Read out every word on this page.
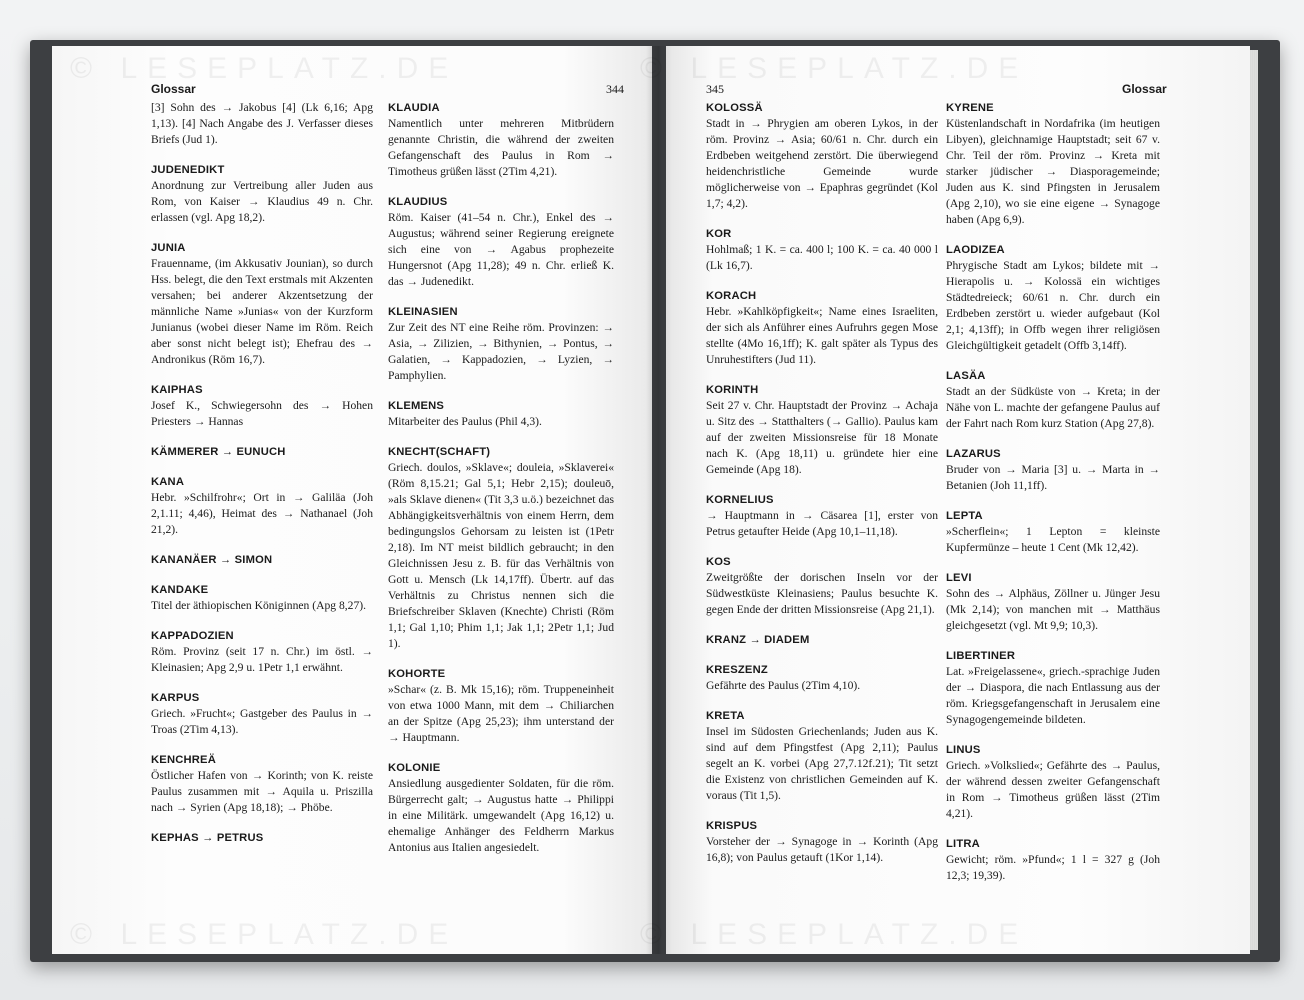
Glossar	344
[3] Sohn des → Jakobus [4] (Lk 6,16; Apg 1,13). [4] Nach Angabe des J. Verfasser dieses Briefs (Jud 1).
JUDENEDIKT
Anordnung zur Vertreibung aller Juden aus Rom, von Kaiser → Klaudius 49 n. Chr. erlassen (vgl. Apg 18,2).
JUNIA
Frauenname, (im Akkusativ Jounian), so durch Hss. belegt, die den Text erstmals mit Akzenten versahen; bei anderer Akzentsetzung der männliche Name »Junias« von der Kurzform Junianus (wobei dieser Name im Röm. Reich aber sonst nicht belegt ist); Ehefrau des → Andronikus (Röm 16,7).
KAIPHAS
Josef K., Schwiegersohn des → Hohen Priesters → Hannas
KÄMMERER → EUNUCH
KANA
Hebr. »Schilfrohr«; Ort in → Galiläa (Joh 2,1.11; 4,46), Heimat des → Nathanael (Joh 21,2).
KANANÄER → SIMON
KANDAKE
Titel der äthiopischen Königinnen (Apg 8,27).
KAPPADOZIEN
Röm. Provinz (seit 17 n. Chr.) im östl. → Kleinasien; Apg 2,9 u. 1Petr 1,1 erwähnt.
KARPUS
Griech. »Frucht«; Gastgeber des Paulus in → Troas (2Tim 4,13).
KENCHREÄ
Östlicher Hafen von → Korinth; von K. reiste Paulus zusammen mit → Aquila u. Priszilla nach → Syrien (Apg 18,18); → Phöbe.
KEPHAS → PETRUS
KLAUDIA
Namentlich unter mehreren Mitbrüdern genannte Christin, die während der zweiten Gefangenschaft des Paulus in Rom → Timotheus grüßen lässt (2Tim 4,21).
KLAUDIUS
Röm. Kaiser (41–54 n. Chr.), Enkel des → Augustus; während seiner Regierung ereignete sich eine von → Agabus prophezeite Hungersnot (Apg 11,28); 49 n. Chr. erließ K. das → Judenedikt.
KLEINASIEN
Zur Zeit des NT eine Reihe röm. Provinzen: → Asia, → Zilizien, → Bithynien, → Pontus, → Galatien, → Kappadozien, → Lyzien, → Pamphylien.
KLEMENS
Mitarbeiter des Paulus (Phil 4,3).
KNECHT(SCHAFT)
Griech. doulos, »Sklave«; douleia, »Sklaverei« (Röm 8,15.21; Gal 5,1; Hebr 2,15); douleuō, »als Sklave dienen« (Tit 3,3 u.ö.) bezeichnet das Abhängigkeitsverhältnis von einem Herrn, dem bedingungslos Gehorsam zu leisten ist (1Petr 2,18). Im NT meist bildlich gebraucht; in den Gleichnissen Jesu z. B. für das Verhältnis von Gott u. Mensch (Lk 14,17ff). Übertr. auf das Verhältnis zu Christus nennen sich die Briefschreiber Sklaven (Knechte) Christi (Röm 1,1; Gal 1,10; Phim 1,1; Jak 1,1; 2Petr 1,1; Jud 1).
KOHORTE
»Schar« (z. B. Mk 15,16); röm. Truppeneinheit von etwa 1000 Mann, mit dem → Chiliarchen an der Spitze (Apg 25,23); ihm unterstand der → Hauptmann.
KOLONIE
Ansiedlung ausgedienter Soldaten, für die röm. Bürgerrecht galt; → Augustus hatte → Philippi in eine Militärk. umgewandelt (Apg 16,12) u. ehemalige Anhänger des Feldherrn Markus Antonius aus Italien angesiedelt.
345	Glossar
KOLOSSÄ
Stadt in → Phrygien am oberen Lykos, in der röm. Provinz → Asia; 60/61 n. Chr. durch ein Erdbeben weitgehend zerstört. Die überwiegend heidenchristliche Gemeinde wurde möglicherweise von → Epaphras gegründet (Kol 1,7; 4,2).
KOR
Hohlmaß; 1 K. = ca. 400 l; 100 K. = ca. 40 000 l (Lk 16,7).
KORACH
Hebr. »Kahlköpfigkeit«; Name eines Israeliten, der sich als Anführer eines Aufruhrs gegen Mose stellte (4Mo 16,1ff); K. galt später als Typus des Unruhestifters (Jud 11).
KORINTH
Seit 27 v. Chr. Hauptstadt der Provinz → Achaja u. Sitz des → Statthalters (→ Gallio). Paulus kam auf der zweiten Missionsreise für 18 Monate nach K. (Apg 18,11) u. gründete hier eine Gemeinde (Apg 18).
KORNELIUS
→ Hauptmann in → Cäsarea [1], erster von Petrus getaufter Heide (Apg 10,1–11,18).
KOS
Zweitgrößte der dorischen Inseln vor der Südwestküste Kleinasiens; Paulus besuchte K. gegen Ende der dritten Missionsreise (Apg 21,1).
KRANZ → DIADEM
KRESZENZ
Gefährte des Paulus (2Tim 4,10).
KRETA
Insel im Südosten Griechenlands; Juden aus K. sind auf dem Pfingstfest (Apg 2,11); Paulus segelt an K. vorbei (Apg 27,7.12f.21); Tit setzt die Existenz von christlichen Gemeinden auf K. voraus (Tit 1,5).
KRISPUS
Vorsteher der → Synagoge in → Korinth (Apg 16,8); von Paulus getauft (1Kor 1,14).
KYRENE
Küstenlandschaft in Nordafrika (im heutigen Libyen), gleichnamige Hauptstadt; seit 67 v. Chr. Teil der röm. Provinz → Kreta mit starker jüdischer → Diasporagemeinde; Juden aus K. sind Pfingsten in Jerusalem (Apg 2,10), wo sie eine eigene → Synagoge haben (Apg 6,9).
LAODIZEA
Phrygische Stadt am Lykos; bildete mit → Hierapolis u. → Kolossä ein wichtiges Städtedreieck; 60/61 n. Chr. durch ein Erdbeben zerstört u. wieder aufgebaut (Kol 2,1; 4,13ff); in Offb wegen ihrer religiösen Gleichgültigkeit getadelt (Offb 3,14ff).
LASÄA
Stadt an der Südküste von → Kreta; in der Nähe von L. machte der gefangene Paulus auf der Fahrt nach Rom kurz Station (Apg 27,8).
LAZARUS
Bruder von → Maria [3] u. → Marta in → Betanien (Joh 11,1ff).
LEPTA
»Scherflein«; 1 Lepton = kleinste Kupfermünze – heute 1 Cent (Mk 12,42).
LEVI
Sohn des → Alphäus, Zöllner u. Jünger Jesu (Mk 2,14); von manchen mit → Matthäus gleichgesetzt (vgl. Mt 9,9; 10,3).
LIBERTINER
Lat. »Freigelassene«, griech.-sprachige Juden der → Diaspora, die nach Entlassung aus der röm. Kriegsgefangenschaft in Jerusalem eine Synagogengemeinde bildeten.
LINUS
Griech. »Volkslied«; Gefährte des → Paulus, der während dessen zweiter Gefangenschaft in Rom → Timotheus grüßen lässt (2Tim 4,21).
LITRA
Gewicht; röm. »Pfund«; 1 l = 327 g (Joh 12,3; 19,39).
